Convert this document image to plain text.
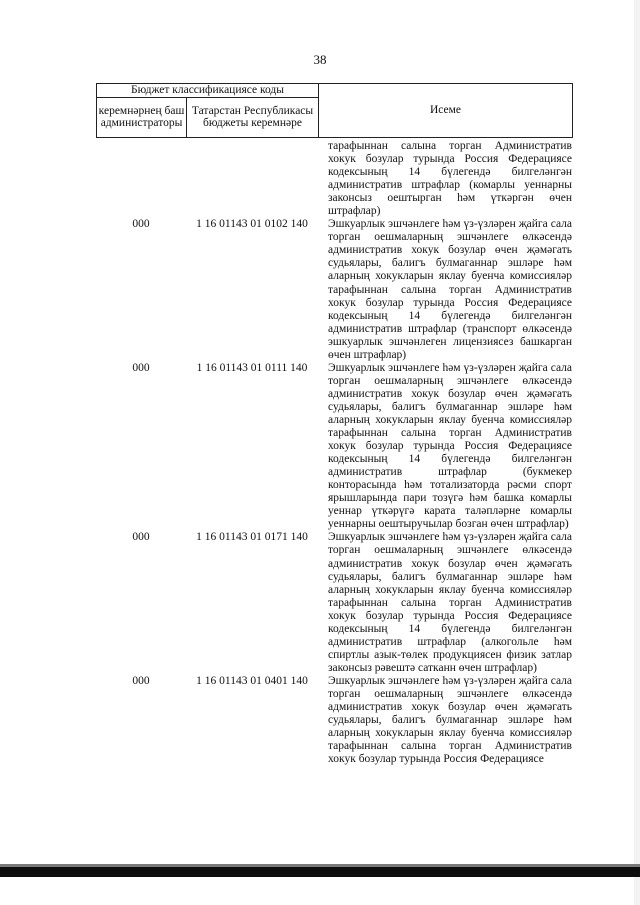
38
Бюджет классификациясе коды		Исеме
керемнәрнең баш администраторы	Татарстан Республикасы бюджеты керемнәре	
тарафыннан салына торган Административ хокук бозулар турында Россия Федерациясе кодексының 14 бүлегендә билгеләнгән административ штрафлар (комарлы уеннарны законсыз оештырган һәм үткәргән өчен штрафлар)
000	1 16 01143 01 0102 140	Эшкуарлык эшчәнлеге һәм үз-үзләрен җайга сала торган оешмаларның эшчәнлеге өлкәсендә административ хокук бозулар өчен җәмәгать судьялары, балигъ булмаганнар эшләре һәм аларның хокукларын яклау буенча комиссияләр тарафыннан салына торган Административ хокук бозулар турында Россия Федерациясе кодексының 14 бүлегендә билгеләнгән административ штрафлар (транспорт өлкәсендә эшкуарлык эшчәнлеген лицензиясез башкарган өчен штрафлар)
000	1 16 01143 01 0111 140	Эшкуарлык эшчәнлеге һәм үз-үзләрен җайга сала торган оешмаларның эшчәнлеге өлкәсендә административ хокук бозулар өчен җәмәгать судьялары, балигъ булмаганнар эшләре һәм аларның хокукларын яклау буенча комиссияләр тарафыннан салына торган Административ хокук бозулар турында Россия Федерациясе кодексының 14 бүлегендә билгеләнгән административ штрафлар (букмекер конторасында һәм тотализаторда рәсми спорт ярышларында пари тозүгә һәм башка комарлы уеннар үткәрүгә карата таләпләрне комарлы уеннарны оештыручылар бозган өчен штрафлар)
000	1 16 01143 01 0171 140	Эшкуарлык эшчәнлеге һәм үз-үзләрен җайга сала торган оешмаларның эшчәнлеге өлкәсендә административ хокук бозулар өчен җәмәгать судьялары, балигъ булмаганнар эшләре һәм аларның хокукларын яклау буенча комиссияләр тарафыннан салына торган Административ хокук бозулар турында Россия Федерациясе кодексының 14 бүлегендә билгеләнгән административ штрафлар (алкогольле һәм спиртлы азык-төлек продукциясен физик затлар законсыз рәвештә сатканн өчен штрафлар)
000	1 16 01143 01 0401 140	Эшкуарлык эшчәнлеге һәм үз-үзләрен җайга сала торган оешмаларның эшчәнлеге өлкәсендә административ хокук бозулар өчен җәмәгать судьялары, балигъ булмаганнар эшләре һәм аларның хокукларын яклау буенча комиссияләр тарафыннан салына торган Административ хокук бозулар турында Россия Федерациясе
